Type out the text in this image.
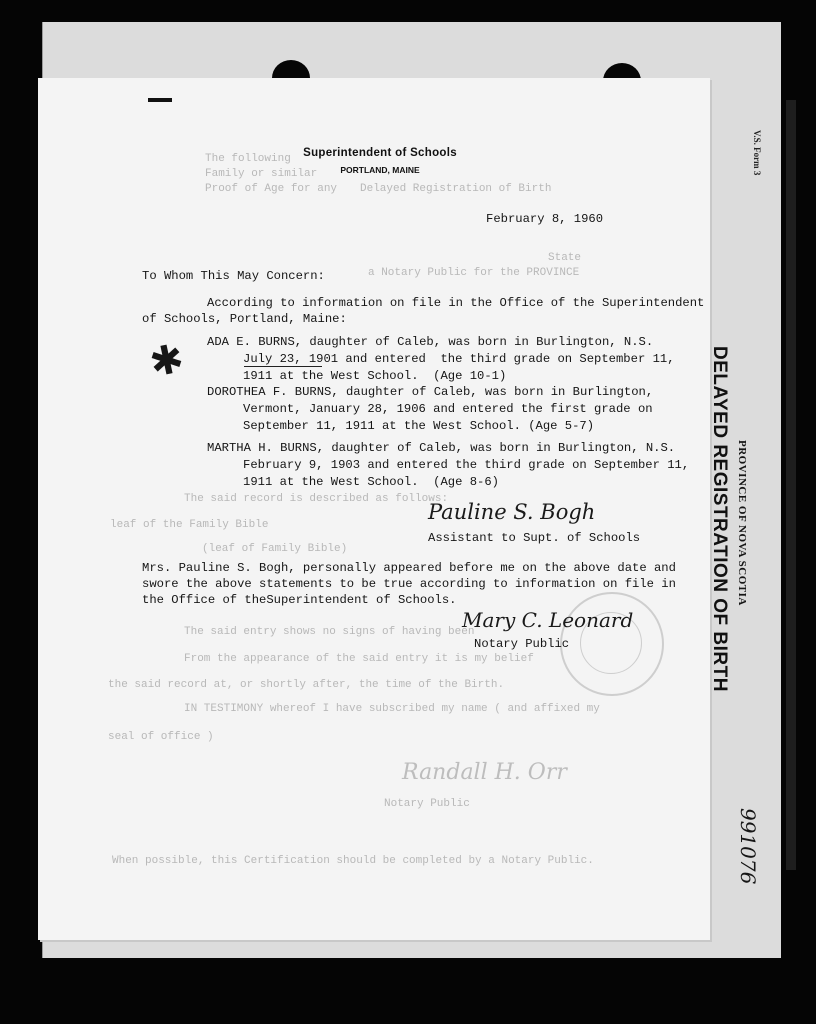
The following
Family or similar
Proof of Age for any Delayed Registration of Birth
State
a Notary Public for the PROVINCE
The said record is described as follows:
leaf of the Family Bible
(leaf of Family Bible)
The said entry shows no signs of having been
From the appearance of the said entry it is my belief
the said record at, or shortly after, the time of the Birth.
IN TESTIMONY whereof I have subscribed my name ( and affixed my
seal of office )
Notary Public
When possible, this Certification should be completed by a Notary Public.
Randall H. Orr
Superintendent of Schools
PORTLAND, MAINE
February 8, 1960
To Whom This May Concern:
According to information on file in the Office of the Superintendent
of Schools, Portland, Maine:
ADA E. BURNS, daughter of Caleb, was born in Burlington, N.S.
July 23, 1901 and entered  the third grade on September 11,
1911 at the West School.  (Age 10-1)
✱
DOROTHEA F. BURNS, daughter of Caleb, was born in Burlington,
Vermont, January 28, 1906 and entered the first grade on
September 11, 1911 at the West School. (Age 5-7)
MARTHA H. BURNS, daughter of Caleb, was born in Burlington, N.S.
February 9, 1903 and entered the third grade on September 11,
1911 at the West School.  (Age 8-6)
Pauline S. Bogh
Assistant to Supt. of Schools
Mrs. Pauline S. Bogh, personally appeared before me on the above date and
swore the above statements to be true according to information on file in
the Office of theSuperintendent of Schools.
Mary C. Leonard
Notary Public
V.S. Form 3
DELAYED REGISTRATION OF BIRTH PROVINCE OF NOVA SCOTIA
991076
